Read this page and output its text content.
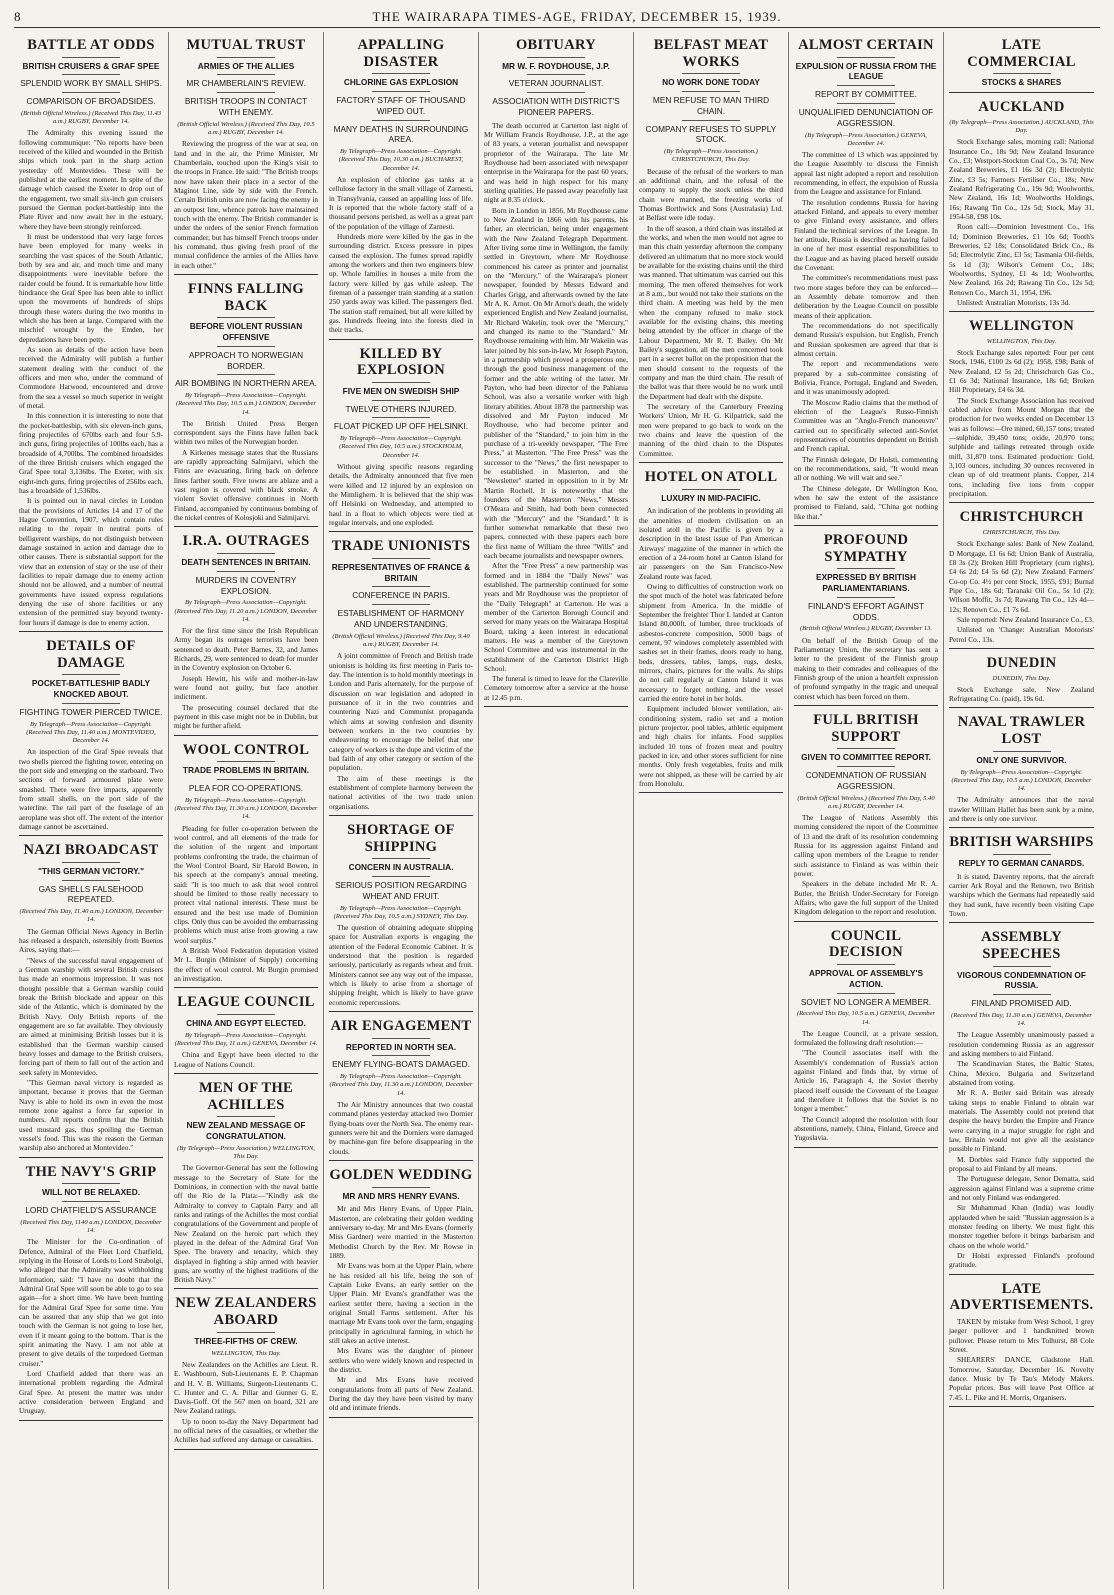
8	THE WAIRARAPA TIMES-AGE, FRIDAY, DECEMBER 15, 1939.
BATTLE AT ODDS
BRITISH CRUISERS & GRAF SPEE
SPLENDID WORK BY SMALL SHIPS.
COMPARISON OF BROADSIDES.
(British Official Wireless.) (Received This Day, 11.43 a.m.) RUGBY, December 14.
The Admiralty this evening issued the following communique: "No reports have been received of the killed and wounded in the British ships which took part in the sharp action yesterday off Montevideo. These will be published at the earliest moment. In spite of the damage which caused the Exeter to drop out of the engagement, two small six-inch gun cruisers pursued the German pocket-battleship into the Plate River and now await her in the estuary, where they have been strongly reinforced.
It must be understood that very large forces have been employed for many weeks in searching the vast spaces of the South Atlantic, both by sea and air, and much time and many disappointments were inevitable before the raider could be found. It is remarkable how little hindrance the Graf Spee has been able to inflict upon the movements of hundreds of ships through these waters during the two months in which she has been at large. Compared with the mischief wrought by the Emden, her depredations have been petty.
As soon as details of the action have been received the Admiralty will publish a further statement dealing with the conduct of the officers and men who, under the command of Commodore Harwood, encountered and drove from the sea a vessel so much superior in weight of metal.
In this connection it is interesting to note that the pocket-battleship, with six eleven-inch guns, firing projectiles of 670lbs each and four 5.9-inch guns, firing projectiles of 100lbs each, has a broadside of 4,700lbs. The combined broadsides of the three British cruisers which engaged the Graf Spee total 3,136lbs. The Exeter, with six eight-inch guns, firing projectiles of 256lbs each, has a broadside of 1,536lbs.
It is pointed out in naval circles in London that the provisions of Articles 14 and 17 of the Hague Convention, 1907, which contain rules relating to the repair in neutral ports of belligerent warships, do not distinguish between damage sustained in action and damage due to other causes. There is substantial support for the view that an extension of stay or the use of their facilities to repair damage due to enemy action should not be allowed, and a number of neutral governments have issued express regulations denying the use of shore facilities or any extension of the permitted stay beyond twenty-four hours if damage is due to enemy action.
DETAILS OF DAMAGE
POCKET-BATTLESHIP BADLY KNOCKED ABOUT.
FIGHTING TOWER PIERCED TWICE.
By Telegraph—Press Association—Copyright. (Received This Day, 11.40 a.m.) MONTEVIDEO, December 14.
An inspection of the Graf Spee reveals that two shells pierced the fighting tower, entering on the port side and emerging on the starboard. Two sections of forward armoured plate were smashed. There were five impacts, apparently from small shells, on the port side of the waterline. The tail part of the fuselage of an aeroplane was shot off. The extent of the interior damage cannot be ascertained.
NAZI BROADCAST
"THIS GERMAN VICTORY."
GAS SHELLS FALSEHOOD REPEATED.
(Received This Day, 11.40 a.m.) LONDON, December 14.
The German Official News Agency in Berlin has released a despatch, ostensibly from Buenos Aires, saying that:—
"News of the successful naval engagement of a German warship with several British cruisers has made an enormous impression. It was not thought possible that a German warship could break the British blockade and appear on this side of the Atlantic, which is dominated by the British Navy. Only British reports of the engagement are so far available. They obviously are aimed at minimising British losses but it is established that the German warship caused heavy losses and damage to the British cruisers, forcing part of them to fall out of the action and seek safety in Montevideo.
"This German naval victory is regarded as important, because it proves that the German Navy is able to hold its own in even the most remote zone against a force far superior in numbers. All reports confirm that the British used mustard gas, thus spoiling the German vessel's food. This was the reason the German warship also anchored at Montevideo."
THE NAVY'S GRIP
WILL NOT BE RELAXED.
LORD CHATFIELD'S ASSURANCE
(Received This Day, 1140 a.m.) LONDON, December 14.
The Minister for the Co-ordination of Defence, Admiral of the Fleet Lord Chatfield, replying in the House of Lords to Lord Strabolgi, who alleged that the Admiralty was withholding information, said: "I have no doubt that the Admiral Graf Spee will soon be able to go to sea again—for a short time. We have been hunting for the Admiral Graf Spee for some time. You can be assured that any ship that we got into touch with the German is not going to lose her, even if it meant going to the bottom. That is the spirit animating the Navy. I am not able at present to give details of the torpedoed German cruiser."
Lord Chatfield added that there was an international problem regarding the Admiral Graf Spee. At present the matter was under active consideration between England and Uruguay.
MUTUAL TRUST
ARMIES OF THE ALLIES
MR CHAMBERLAIN'S REVIEW.
BRITISH TROOPS IN CONTACT WITH ENEMY.
(British Official Wireless.) (Received This Day, 10.5 a.m.) RUGBY, December 14.
Reviewing the progress of the war at sea, on land and in the air, the Prime Minister, Mr Chamberlain, touched upon the King's visit to the troops in France. He said: "The British troops now have taken their place in a sector of the Maginot Line, side by side with the French. Certain British units are now facing the enemy in an outpost line, whence patrols have maintained touch with the enemy. The British commander is under the orders of the senior French formation commander, but has himself French troops under his command, thus giving fresh proof of the mutual confidence the armies of the Allies have in each other."
FINNS FALLING BACK
BEFORE VIOLENT RUSSIAN OFFENSIVE
APPROACH TO NORWEGIAN BORDER.
AIR BOMBING IN NORTHERN AREA.
By Telegraph—Press Association—Copyright. (Received This Day, 10.5 a.m.) LONDON, December 14.
The British United Press Bergen correspondent says the Finns have fallen back within two miles of the Norwegian border.
A Kirkenes message states that the Russians are rapidly approaching Salmijarvi, which the Finns are evacuating, firing back on defence lines farther south. Five towns are ablaze and a vast region is covered with black smoke. A violent Soviet offensive continues in North Finland, accompanied by continuous bombing of the nickel centres of Kolosjoki and Salmijarvi.
I.R.A. OUTRAGES
DEATH SENTENCES IN BRITAIN.
MURDERS IN COVENTRY EXPLOSION.
By Telegraph—Press Association—Copyright. (Received This Day, 11.20 a.m.) LONDON, December 14.
For the first time since the Irish Republican Army began its outrages terrorists have been sentenced to death. Peter Barnes, 32, and James Richards, 29, were sentenced to death for murder in the Coventry explosion on October 6.
Joseph Hewitt, his wife and mother-in-law were found not guilty, but face another indictment.
The prosecuting counsel declared that the payment in this case might not be in Dublin, but might be further afield.
WOOL CONTROL
TRADE PROBLEMS IN BRITAIN.
PLEA FOR CO-OPERATIONS.
By Telegraph—Press Association—Copyright. (Received This Day, 11.30 a.m.) LONDON, December 14.
Pleading for fuller co-operation between the wool control, and all elements of the trade for the solution of the urgent and important problems confronting the trade, the chairman of the Wool Control Board, Sir Harold Bowen, in his speech at the company's annual meeting, said: "It is too much to ask that wool control should be limited to those really necessary to protect vital national interests. These must be ensured and the best use made of Dominion clips. Only thus can be avoided the embarrassing problems which must arise from growing a raw wool surplus."
A British Wool Federation deputation visited Mr L. Burgin (Minister of Supply) concerning the effect of wool control. Mr Burgin promised an investigation.
LEAGUE COUNCIL
CHINA AND EGYPT ELECTED.
By Telegraph—Press Association—Copyright. (Received This Day, 11 a.m.) GENEVA, December 14.
China and Egypt have been elected to the League of Nations Council.
MEN OF THE ACHILLES
NEW ZEALAND MESSAGE OF CONGRATULATION.
(By Telegraph—Press Association.) WELLINGTON, This Day.
The Governor-General has sent the following message to the Secretary of State for the Dominions, in connection with the naval battle off the Rio de la Plata:—"Kindly ask the Admiralty to convey to Captain Parry and all ranks and ratings of the Achilles the most cordial congratulations of the Government and people of New Zealand on the heroic part which they played in the defeat of the Admiral Graf Von Spee. The bravery and tenacity, which they displayed in fighting a ship armed with heavier guns, are worthy of the highest traditions of the British Navy."
NEW ZEALANDERS ABOARD
THREE-FIFTHS OF CREW.
WELLINGTON, This Day.
New Zealanders on the Achilles are Lieut. R. E. Washbourn, Sub-Lieutenants E. P. Chapman and H. V. B. Williams, Surgeon-Lieutenants C. C. Hunter and C. A. Pillar and Gunner G. E. Davis-Goff. Of the 567 men on board, 321 are New Zealand ratings.
Up to noon to-day the Navy Department had no official news of the casualties, or whether the Achilles had suffered any damage or casualties.
APPALLING DISASTER
CHLORINE GAS EXPLOSION
FACTORY STAFF OF THOUSAND WIPED OUT.
MANY DEATHS IN SURROUNDING AREA.
By Telegraph—Press Association—Copyright. (Received This Day, 10.30 a.m.) BUCHAREST, December 14.
An explosion of chlorine gas tanks at a cellulose factory in the small village of Zarnesti, in Transylvania, caused an appalling loss of life. It is reported that the whole factory staff of a thousand persons perished, as well as a great part of the population of the village of Zarnesti.
Hundreds more were killed by the gas in the surrounding district. Excess pressure in pipes caused the explosion. The fumes spread rapidly among the workers and then two engineers blew up. Whole families in houses a mile from the factory were killed by gas while asleep. The fireman of a passenger train standing at a station 250 yards away was killed. The passengers fled. The station staff remained, but all were killed by gas. Hundreds fleeing into the forests died in their tracks.
KILLED BY EXPLOSION
FIVE MEN ON SWEDISH SHIP
TWELVE OTHERS INJURED.
FLOAT PICKED UP OFF HELSINKI.
By Telegraph—Press Association—Copyright. (Received This Day, 10.5 a.m.) STOCKHOLM, December 14.
Without giving specific reasons regarding details, the Admiralty announced that five men were killed and 12 injured by an explosion on the Mimlighern. It is believed that the ship was off Helsinki on Wednesday, and attempted to haul in a float to which objects were tied at regular intervals, and one exploded.
TRADE UNIONISTS
REPRESENTATIVES OF FRANCE & BRITAIN
CONFERENCE IN PARIS.
ESTABLISHMENT OF HARMONY AND UNDERSTANDING.
(British Official Wireless.) (Received This Day, 9.40 a.m.) RUGBY, December 14.
A joint committee of French and British trade unionists is holding its first meeting in Paris to-day. The intention is to hold monthly meetings in London and Paris alternately, for the purpose of discussion on war legislation and adopted in pursuance of it in the two countries and countering Nazi and Communist propaganda which aims at sowing confusion and disunity between workers in the two countries by endeavouring to encourage the belief that one category of workers is the dupe and victim of the bad faith of any other category or section of the population.
The aim of these meetings is the establishment of complete harmony between the national activities of the two trade union organisations.
SHORTAGE OF SHIPPING
CONCERN IN AUSTRALIA.
SERIOUS POSITION REGARDING WHEAT AND FRUIT.
By Telegraph—Press Association—Copyright. (Received This Day, 10.5 a.m.) SYDNEY, This Day.
The question of obtaining adequate shipping space for Australian exports is engaging the attention of the Federal Economic Cabinet. It is understood that the position is regarded seriously, particularly as regards wheat and fruit. Ministers cannot see any way out of the impasse, which is likely to arise from a shortage of shipping freight, which is likely to have grave economic repercussions.
AIR ENGAGEMENT
REPORTED IN NORTH SEA.
ENEMY FLYING-BOATS DAMAGED.
By Telegraph—Press Association—Copyright. (Received This Day, 11.30 a.m.) LONDON, December 14.
The Air Ministry announces that two coastal command planes yesterday attacked two Dornier flying-boats over the North Sea. The enemy rear-gunners were hit and the Dorniers were damaged by machine-gun fire before disappearing in the clouds.
GOLDEN WEDDING
MR AND MRS HENRY EVANS.
Mr and Mrs Henry Evans, of Upper Plain, Masterton, are celebrating their golden wedding anniversary to-day. Mr and Mrs Evans (formerly Miss Gardner) were married in the Masterton Methodist Church by the Rev. Mr Rowse in 1889.
Mr Evans was born at the Upper Plain, where he has resided all his life, being the son of Captain Luke Evans, an early settler on the Upper Plain. Mr Evans's grandfather was the earliest settler there, having a section in the original Small Farms settlement. After his marriage Mr Evans took over the farm, engaging principally in agricultural farming, in which he still takes an active interest.
Mrs Evans was the daughter of pioneer settlers who were widely known and respected in the district.
Mr and Mrs Evans have received congratulations from all parts of New Zealand. During the day they have been visited by many old and intimate friends.
OBITUARY
MR W. F. ROYDHOUSE, J.P.
VETERAN JOURNALIST.
ASSOCIATION WITH DISTRICT'S PIONEER PAPERS.
The death occurred at Carterton last night of Mr William Francis Roydhouse, J.P., at the age of 83 years, a veteran journalist and newspaper proprietor of the Wairarapa. The late Mr Roydhouse had been associated with newspaper enterprise in the Wairarapa for the past 60 years, and was held in high respect for his many sterling qualities. He passed away peacefully last night at 8.35 o'clock.
Born in London in 1856, Mr Roydhouse came to New Zealand in 1866 with his parents, his father, an electrician, being under engagement with the New Zealand Telegraph Department. After living some time in Wellington, the family settled in Greytown, where Mr Roydhouse commenced his career as printer and journalist on the "Mercury," of the Wairarapa's pioneer newspaper, founded by Messrs Edward and Charles Grigg, and afterwards owned by the late Mr A. K. Arnot. On Mr Arnot's death, the widely experienced English and New Zealand journalist, Mr Richard Wakelin, took over the "Mercury," and changed its name to the "Standard." Mr Roydhouse remaining with him. Mr Wakelin was later joined by his son-in-law, Mr Joseph Payton, in a partnership which proved a prosperous one, through the good business management of the former and the able writing of the latter. Mr Payton, who had been director of the Pahiatua School, was also a versatile worker with high literary abilities. About 1878 the partnership was dissolved and Mr Payton induced Mr Roydhouse, who had become printer and publisher of the "Standard," to join him in the purchase of a tri-weekly newspaper, "The Free Press," at Masterton. "The Free Press" was the successor to the "News," the first newspaper to be established in Masterton, and the "Newsletter" started in opposition to it by Mr Martin Rochell. It is noteworthy that the founders of the Masterton "News," Messrs O'Meara and Smith, had both been connected with the "Mercury" and the "Standard." It is further somewhat remarkable that these two papers, connected with these papers each bore the first name of William the three "Wills" and each became journalists and newspaper owners.
After the "Free Press" a new partnership was formed and in 1884 the "Daily News" was established. The partnership continued for some years and Mr Roydhouse was the proprietor of the "Daily Telegraph" at Carterton. He was a member of the Carterton Borough Council and served for many years on the Wairarapa Hospital Board, taking a keen interest in educational matters. He was a member of the Greytown School Committee and was instrumental in the establishment of the Carterton District High School.
The funeral is timed to leave for the Clareville Cemetery tomorrow after a service at the house at 12.45 p.m.
BELFAST MEAT WORKS
NO WORK DONE TODAY
MEN REFUSE TO MAN THIRD CHAIN.
COMPANY REFUSES TO SUPPLY STOCK.
(By Telegraph—Press Association.) CHRISTCHURCH, This Day.
Because of the refusal of the workers to man an additional chain, and the refusal of the company to supply the stock unless the third chain were manned, the freezing works of Thomas Borthwick and Sons (Australasia) Ltd. at Belfast were idle today.
In the off season, a third chain was installed at the works, and when the men would not agree to man this chain yesterday afternoon the company delivered an ultimatum that no more stock would be available for the existing chains until the third was manned. That ultimatum was carried out this morning. The men offered themselves for work at 8 a.m., but would not take their stations on the third chain. A meeting was held by the men when the company refused to make stock available for the existing chains, this meeting being attended by the officer in charge of the Labour Department, Mr R. T. Bailey. On Mr Bailey's suggestion, all the men concerned took part in a secret ballot on the proposition that the men should consent to the requests of the company and man the third chain. The result of the ballot was that there would be no work until the Department had dealt with the dispute.
The secretary of the Canterbury Freezing Workers' Union, Mr H. G. Kilpatrick, said the men were prepared to go back to work on the two chains and leave the question of the manning of the third chain to the Disputes Committee.
HOTEL ON ATOLL
LUXURY IN MID-PACIFIC.
An indication of the problems in providing all the amenities of modern civilisation on an isolated atoll in the Pacific is given by a description in the latest issue of Pan American Airways' magazine of the manner in which the erection of a 24-room hotel at Canton Island for air passengers on the San Francisco-New Zealand route was faced.
Owing to difficulties of construction work on the spot much of the hotel was fabricated before shipment from America. In the middle of September the freighter Thor I. landed at Canton Island 80,000ft. of lumber, three truckloads of asbestos-concrete composition, 5000 bags of cement, 97 windows completely assembled with sashes set in their frames, doors ready to hang, beds, dressers, tables, lamps, rugs, desks, mirrors, chairs, pictures for the walls. As ships do not call regularly at Canton Island it was necessary to forget nothing, and the vessel carried the entire hotel in her holds.
Equipment included blower ventilation, air-conditioning system, radio set and a motion picture projector, pool tables, athletic equipment and high chairs for infants. Food supplies included 10 tons of frozen meat and poultry packed in ice, and other stores sufficient for nine months. Only fresh vegetables, fruits and milk were not shipped, as these will be carried by air from Honolulu.
ALMOST CERTAIN
EXPULSION OF RUSSIA FROM THE LEAGUE
REPORT BY COMMITTEE.
UNQUALIFIED DENUNCIATION OF AGGRESSION.
(By Telegraph—Press Association.) GENEVA, December 14.
The committee of 13 which was appointed by the League Assembly to discuss the Finnish appeal last night adopted a report and resolution recommending, in effect, the expulsion of Russia from the League and assistance for Finland.
The resolution condemns Russia for having attacked Finland, and appeals to every member to give Finland every assistance, and offers Finland the technical services of the League. In her attitude, Russia is described as having failed in one of her most essential responsibilities to the League and as having placed herself outside the Covenant.
The committee's recommendations must pass two more stages before they can be enforced—an Assembly debate tomorrow and then deliberation by the League Council on possible means of their application.
The recommendations do not specifically demand Russia's expulsion, but English, French and Russian spokesmen are agreed that that is almost certain.
The report and recommendations were prepared by a sub-committee consisting of Bolivia, France, Portugal, England and Sweden, and it was unanimously adopted.
The Moscow Radio claims that the method of election of the League's Russo-Finnish Committee was an "Anglo-French manoeuvre" carried out to specifically selected anti-Soviet representatives of countries dependent on British and French capital.
The Finnish delegate, Dr Holsti, commenting on the recommendations, said, "It would mean all or nothing. We will wait and see."
The Chinese delegate, Dr Wellington Koo, when he saw the extent of the assistance promised to Finland, said, "China got nothing like that."
PROFOUND SYMPATHY
EXPRESSED BY BRITISH PARLIAMENTARIANS.
FINLAND'S EFFORT AGAINST ODDS.
(British Official Wireless.) RUGBY, December 13.
On behalf of the British Group of the Parliamentary Union, the secretary has sent a letter to the president of the Finnish group making to their comrades and colleagues of the Finnish group of the union a heartfelt expression of profound sympathy in the tragic and unequal contest which has been forced on them.
FULL BRITISH SUPPORT
GIVEN TO COMMITTEE REPORT.
CONDEMNATION OF RUSSIAN AGGRESSION.
(British Official Wireless.) (Received This Day, 5.40 a.m.) RUGBY, December 14.
The League of Nations Assembly this morning considered the report of the Committee of 13 and the draft of its resolution condemning Russia for its aggression against Finland and calling upon members of the League to render such assistance to Finland as was within their power.
Speakers in the debate included Mr R. A. Butler, the British Under-Secretary for Foreign Affairs, who gave the full support of the United Kingdom delegation to the report and resolution.
COUNCIL DECISION
APPROVAL OF ASSEMBLY'S ACTION.
SOVIET NO LONGER A MEMBER.
(Received This Day, 10.5 a.m.) GENEVA, December 14.
The League Council, at a private session, formulated the following draft resolution:—
"The Council associates itself with the Assembly's condemnation of Russia's action against Finland and finds that, by virtue of Article 16, Paragraph 4, the Soviet thereby placed itself outside the Covenant of the League and therefore it follows that the Soviet is no longer a member."
The Council adopted the resolution with four abstentions, namely, China, Finland, Greece and Yugoslavia.
LATE COMMERCIAL
STOCKS & SHARES
AUCKLAND
(By Telegraph—Press Association.) AUCKLAND, This Day.
Stock Exchange sales, morning call: National Insurance Co., 18s 9d; New Zealand Insurance Co., £3; Westport-Stockton Coal Co., 3s 7d; New Zealand Breweries, £1 16s 3d (2); Electrolytic Zinc, £3 5s; Farmers Fertiliser Co., 18s; New Zealand Refrigerating Co., 19s 9d; Woolworths, New Zealand, 16s 1d; Woolworths Holdings, 16s; Rawang Tin Co., 12s 5d; Stock, May 31, 1954-58, £98 10s.
Roon call:—Dominion Investment Co., 16s 1d; Dominion Breweries, £1 10s 6d; Tooth's Breweries, £2 18s; Consolidated Brick Co., 8s 5d; Electrolytic Zinc, £3 5s; Tasmania Oil-fields, 5s 1d (3); Wilson's Cement Co., 18s; Woolworths, Sydney, £1 4s 1d; Woolworths, New Zealand, 16s 2d; Rawang Tin Co., 12s 5d; Renown Co., March 31, 1954, £96.
Unlisted: Australian Motorists, 13s 3d.
WELLINGTON
WELLINGTON, This Day.
Stock Exchange sales reported: Four per cent Stock, 1946, £100 2s 6d (2); 1958, £98; Bank of New Zealand, £2 5s 2d; Christchurch Gas Co., £1 6s 3d; National Insurance, 18s 6d; Broken Hill Proprietary, £4 6s 3d.
The Stock Exchange Association has received cabled advice from Mount Morgan that the production for two weeks ended on December 13 was as follows:—Ore mined, 60,157 tons; treated—sulphide, 39,450 tons; oxide, 20,970 tons; sulphide and tailings retreated through oxide mill, 31,870 tons. Estimated production: Gold, 3,103 ounces, including 30 ounces recovered in clean up of old treatment plants. Copper, 214 tons, including five tons from copper precipitation.
CHRISTCHURCH
CHRISTCHURCH, This Day.
Stock Exchange sales: Bank of New Zealand, D Mortgage, £1 6s 6d; Union Bank of Australia, £8 3s (2); Broken Hill Proprietary (cum rights), £4 6s 2d; £4 5s 6d (2); New Zealand Farmers' Co-op Co. 4½ per cent Stock, 1955, £91; Burnal Pipe Co., 18s 6d; Taranaki Oil Co., 5s 1d (2); Wilson Moffit, 3s 7d; Rawang Tin Co., 12s 4d—12s; Renown Co., £1 7s 6d.
Sale reported: New Zealand Insurance Co., £3.
Unlisted on 'Change: Australian Motorists' Petrol Co., 13s.
DUNEDIN
DUNEDIN, This Day.
Stock Exchange sale, New Zealand Refrigerating Co. (paid), 19s 6d.
NAVAL TRAWLER LOST
ONLY ONE SURVIVOR.
By Telegraph—Press Association—Copyright. (Received This Day, 10.5 a.m.) LONDON, December 14.
The Admiralty announces that the naval trawler William Hallet has been sunk by a mine, and there is only one survivor.
BRITISH WARSHIPS
REPLY TO GERMAN CANARDS.
It is stated, Daventry reports, that the aircraft carrier Ark Royal and the Renown, two British warships which the Germans had repeatedly said they had sunk, have recently been visiting Cape Town.
ASSEMBLY SPEECHES
VIGOROUS CONDEMNATION OF RUSSIA.
FINLAND PROMISED AID.
(Received This Day, 11.30 a.m.) GENEVA, December 14.
The League Assembly unanimously passed a resolution condemning Russia as an aggressor and asking members to aid Finland.
The Scandinavian States, the Baltic States, China, Mexico, Bulgaria and Switzerland abstained from voting.
Mr R. A. Butler said Britain was already taking steps to enable Finland to obtain war materials. The Assembly could not pretend that despite the heavy burden the Empire and France were carrying in a major struggle for right and law, Britain would not give all the assistance possible to Finland.
M. Dorbles said France fully supported the proposal to aid Finland by all means.
The Portuguese delegate, Senor Dematta, said aggression against Finland was a supreme crime and not only Finland was endangered.
Sir Muhammad Khan (India) was loudly applauded when he said: "Russian aggression is a monster feeding on liberty. We must fight this monster together before it brings barbarism and chaos on the whole world."
Dr Holsti expressed Finland's profound gratitude.
LATE ADVERTISEMENTS.
TAKEN by mistake from West School, 1 grey jaeger pullover and 1 handknitted brown pullover. Please return to Mrs Tolhurst, 88 Cole Street.
SHEARERS' DANCE, Gladstone Hall. Tomorrow, Saturday, December 16. Novelty dance. Music by Te Tau's Melody Makers. Popular prices. Bus will leave Post Office at 7.45. L. Pike and H. Morris, Organisers.
